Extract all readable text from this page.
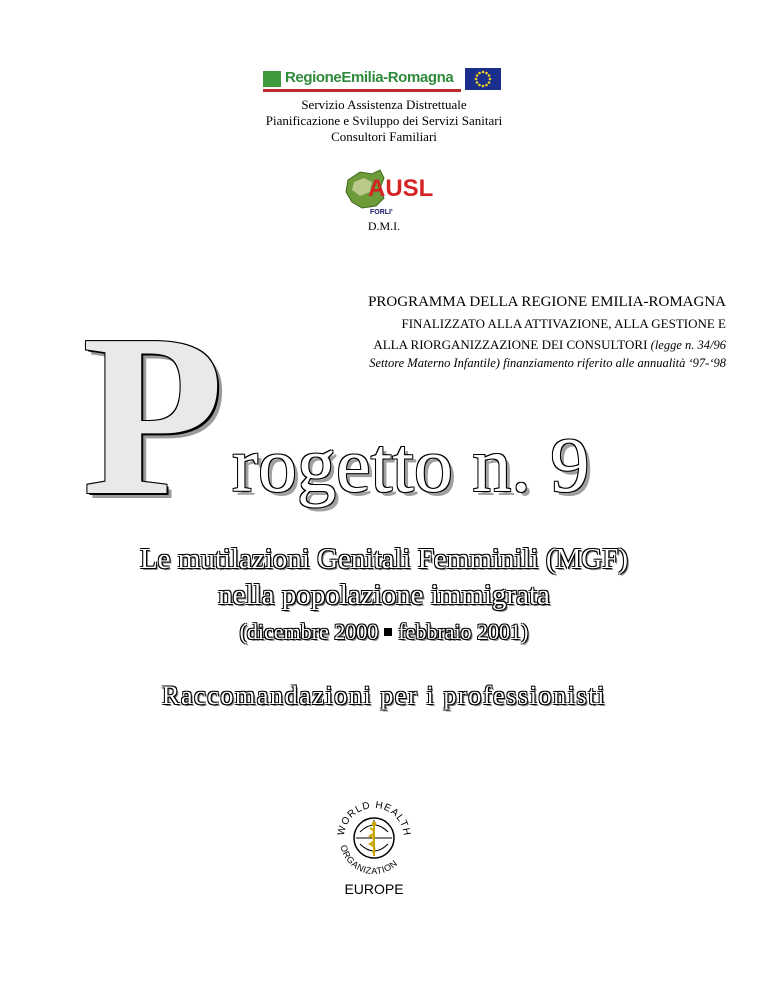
RegioneEmilia-Romagna
Servizio Assistenza Distrettuale
Pianificazione e Sviluppo dei Servizi Sanitari
Consultori Familiari
AUSL
FORLI'
D.M.I.
PROGRAMMA DELLA REGIONE EMILIA-ROMAGNA
FINALIZZATO ALLA ATTIVAZIONE, ALLA GESTIONE E
ALLA RIORGANIZZAZIONE DEI CONSULTORI (legge n. 34/96
Settore Materno Infantile) finanziamento riferito alle annualità ‘97-‘98
P rogetto n. 9
Le mutilazioni Genitali Femminili (MGF)
nella popolazione immigrata
(dicembre 2000 febbraio 2001)
Raccomandazioni per i professionisti
WORLD HEALTH
ORGANIZATION
EUROPE
